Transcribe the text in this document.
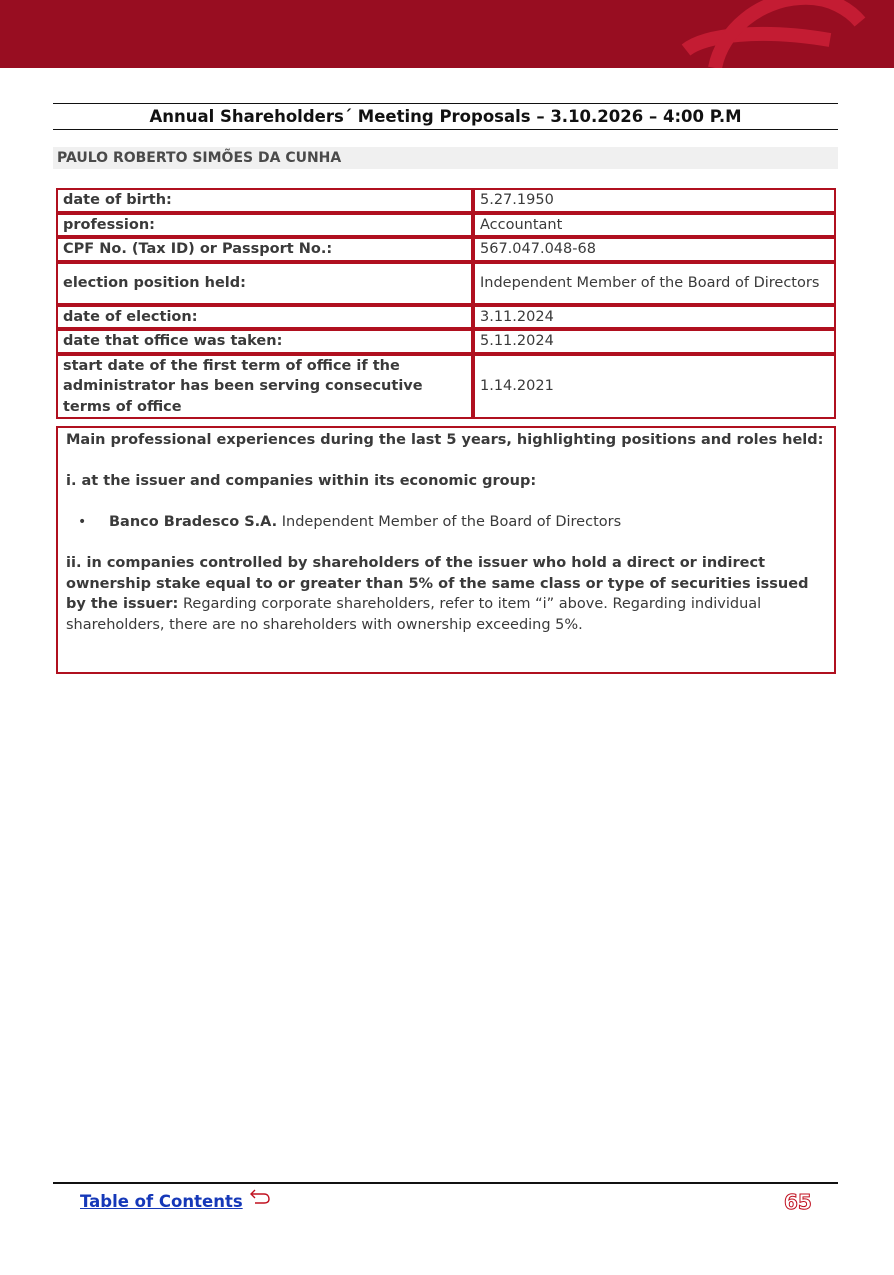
Annual Shareholders´ Meeting Proposals – 3.10.2026 – 4:00 P.M
PAULO ROBERTO SIMÕES DA CUNHA
date of birth:	5.27.1950
profession:	Accountant
CPF No. (Tax ID) or Passport No.:	567.047.048-68
election position held:	Independent Member of the Board of Directors
date of election:	3.11.2024
date that office was taken:	5.11.2024
start date of the first term of office if the administrator has been serving consecutive terms of office	1.14.2021

Main professional experiences during the last 5 years, highlighting positions and roles held:

i. at the issuer and companies within its economic group:

•	Banco Bradesco S.A. Independent Member of the Board of Directors

ii. in companies controlled by shareholders of the issuer who hold a direct or indirect ownership stake equal to or greater than 5% of the same class or type of securities issued by the issuer: Regarding corporate shareholders, refer to item “i” above. Regarding individual shareholders, there are no shareholders with ownership exceeding 5%.

Table of Contents	65
